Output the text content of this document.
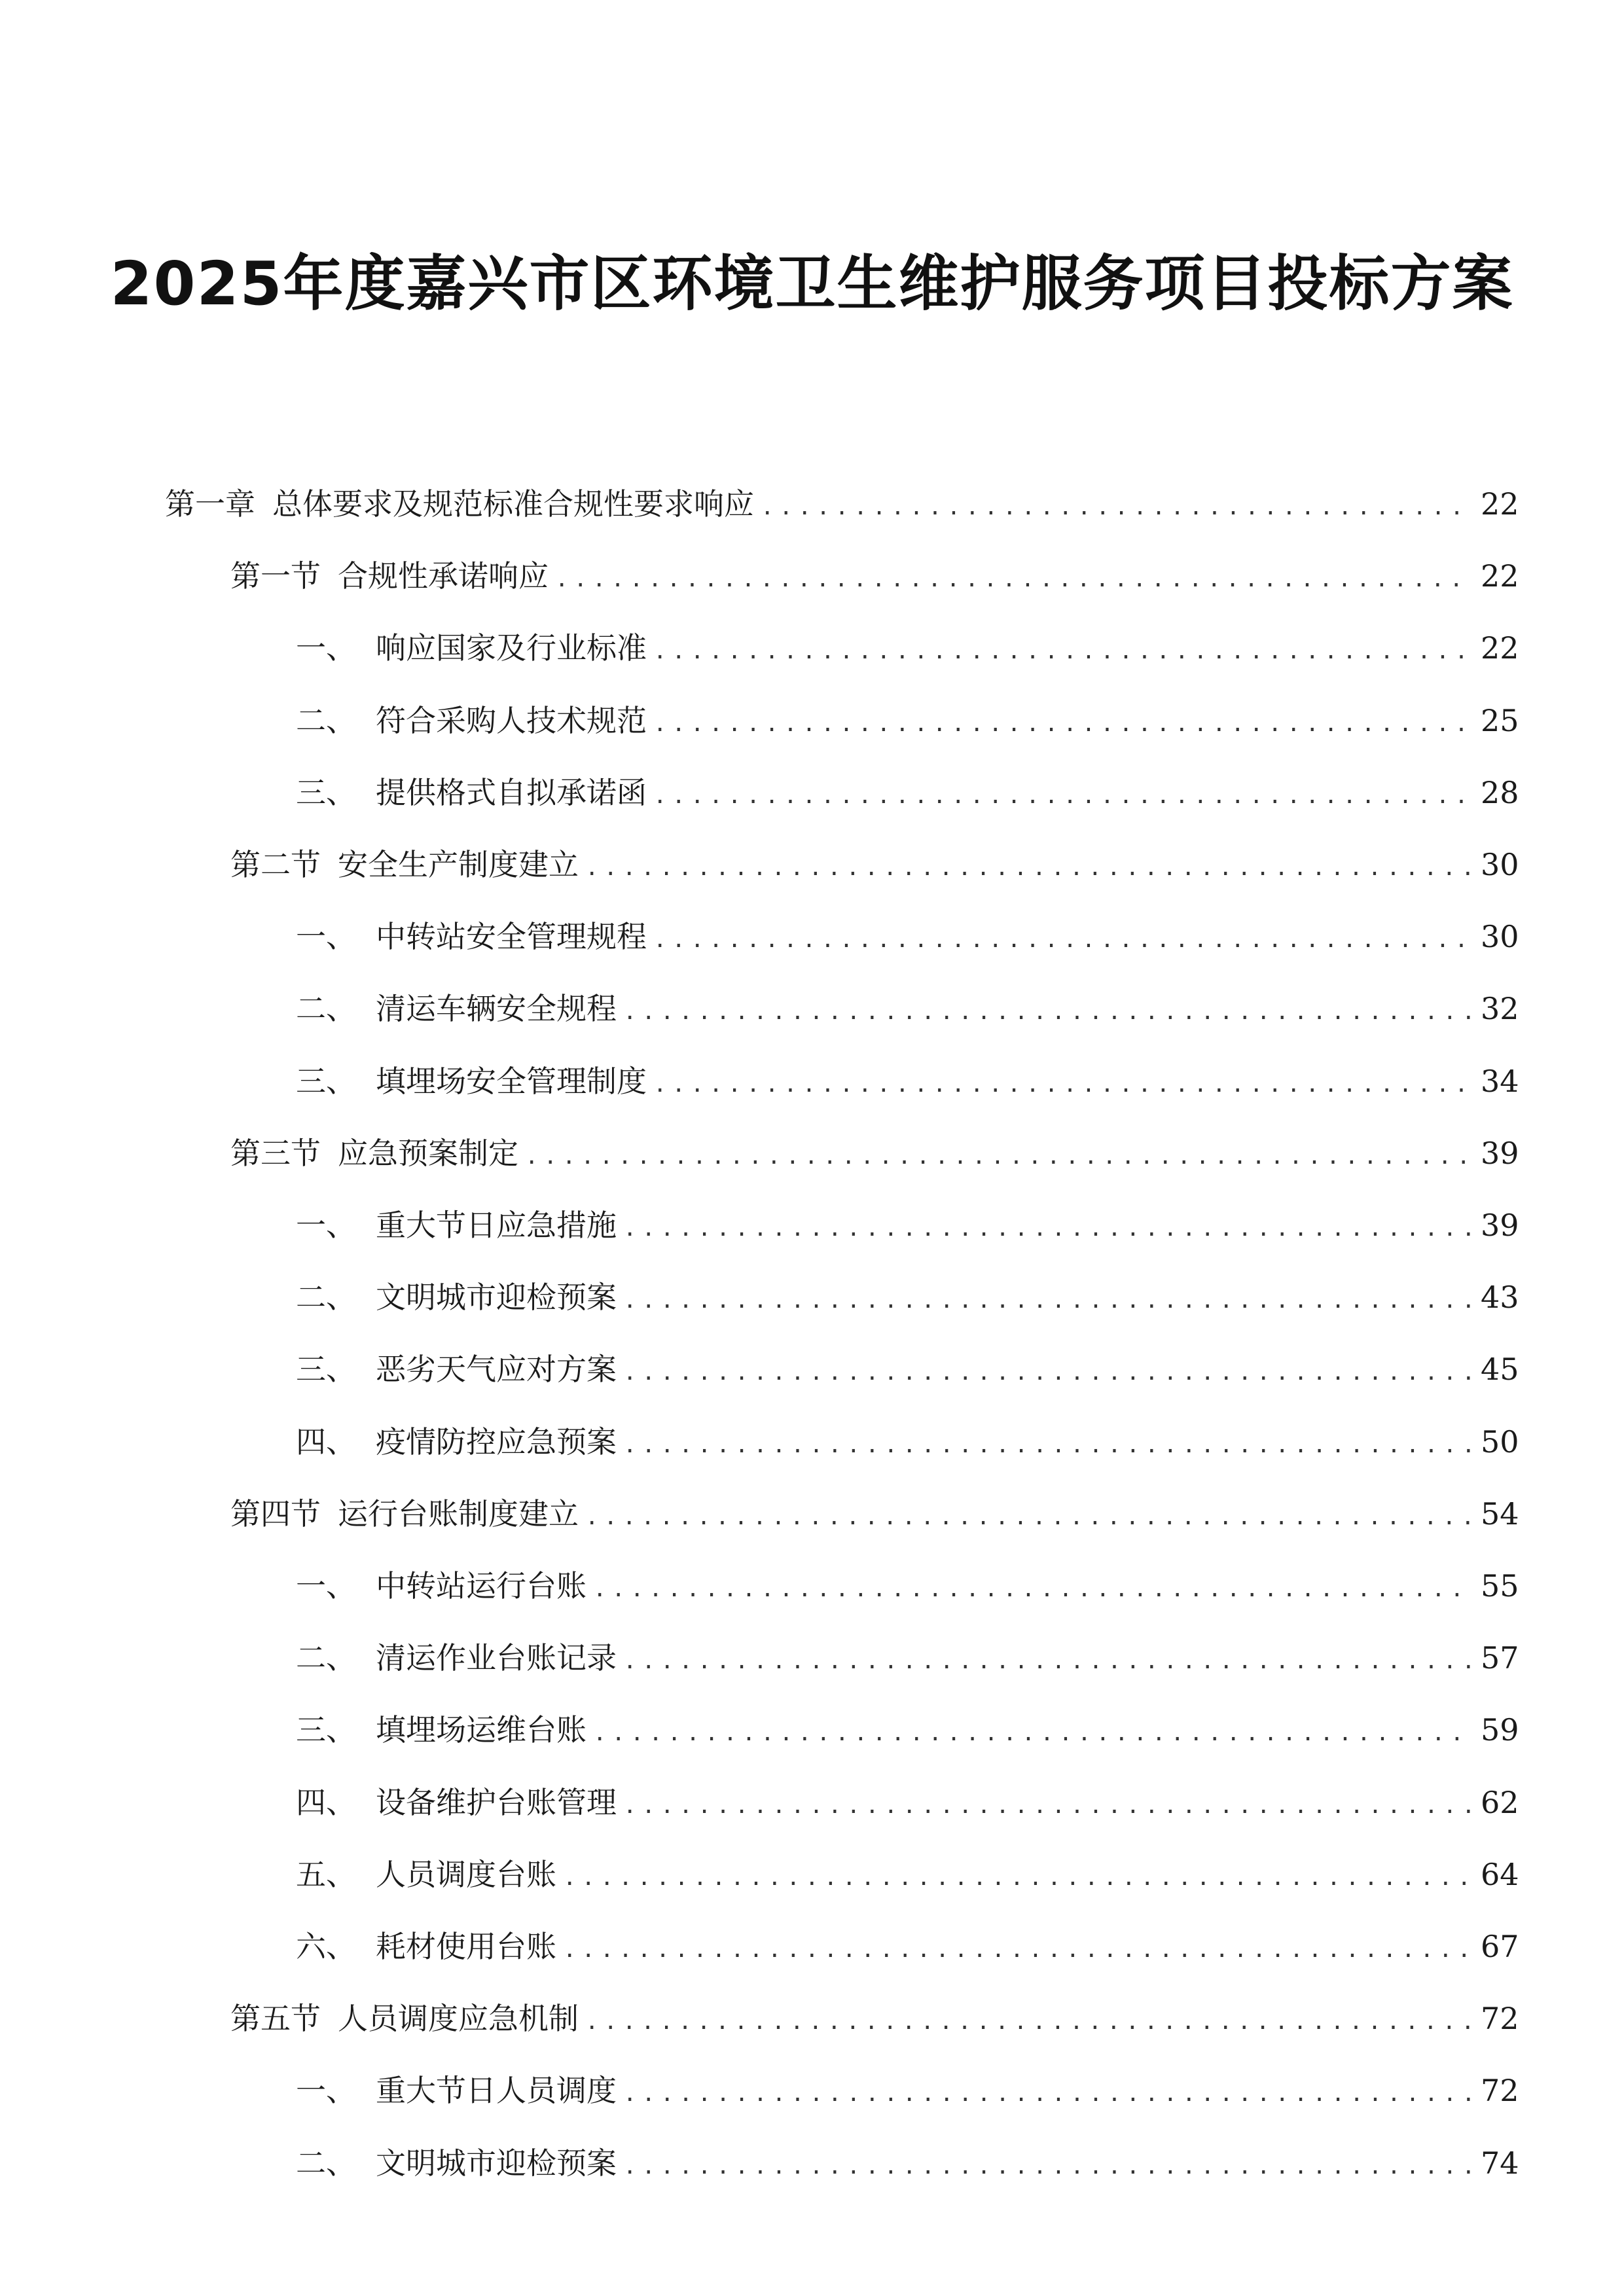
2025年度嘉兴市区环境卫生维护服务项目投标方案
第一章 总体要求及规范标准合规性要求响应 .....	22
第一节 合规性承诺响应 .....	22
一、 响应国家及行业标准 .....	22
二、 符合采购人技术规范 .....	25
三、 提供格式自拟承诺函 .....	28
第二节 安全生产制度建立 .....	30
一、 中转站安全管理规程 .....	30
二、 清运车辆安全规程 .....	32
三、 填埋场安全管理制度 .....	34
第三节 应急预案制定 .....	39
一、 重大节日应急措施 .....	39
二、 文明城市迎检预案 .....	43
三、 恶劣天气应对方案 .....	45
四、 疫情防控应急预案 .....	50
第四节 运行台账制度建立 .....	54
一、 中转站运行台账 .....	55
二、 清运作业台账记录 .....	57
三、 填埋场运维台账 .....	59
四、 设备维护台账管理 .....	62
五、 人员调度台账 .....	64
六、 耗材使用台账 .....	67
第五节 人员调度应急机制 .....	72
一、 重大节日人员调度 .....	72
二、 文明城市迎检预案 .....	74
